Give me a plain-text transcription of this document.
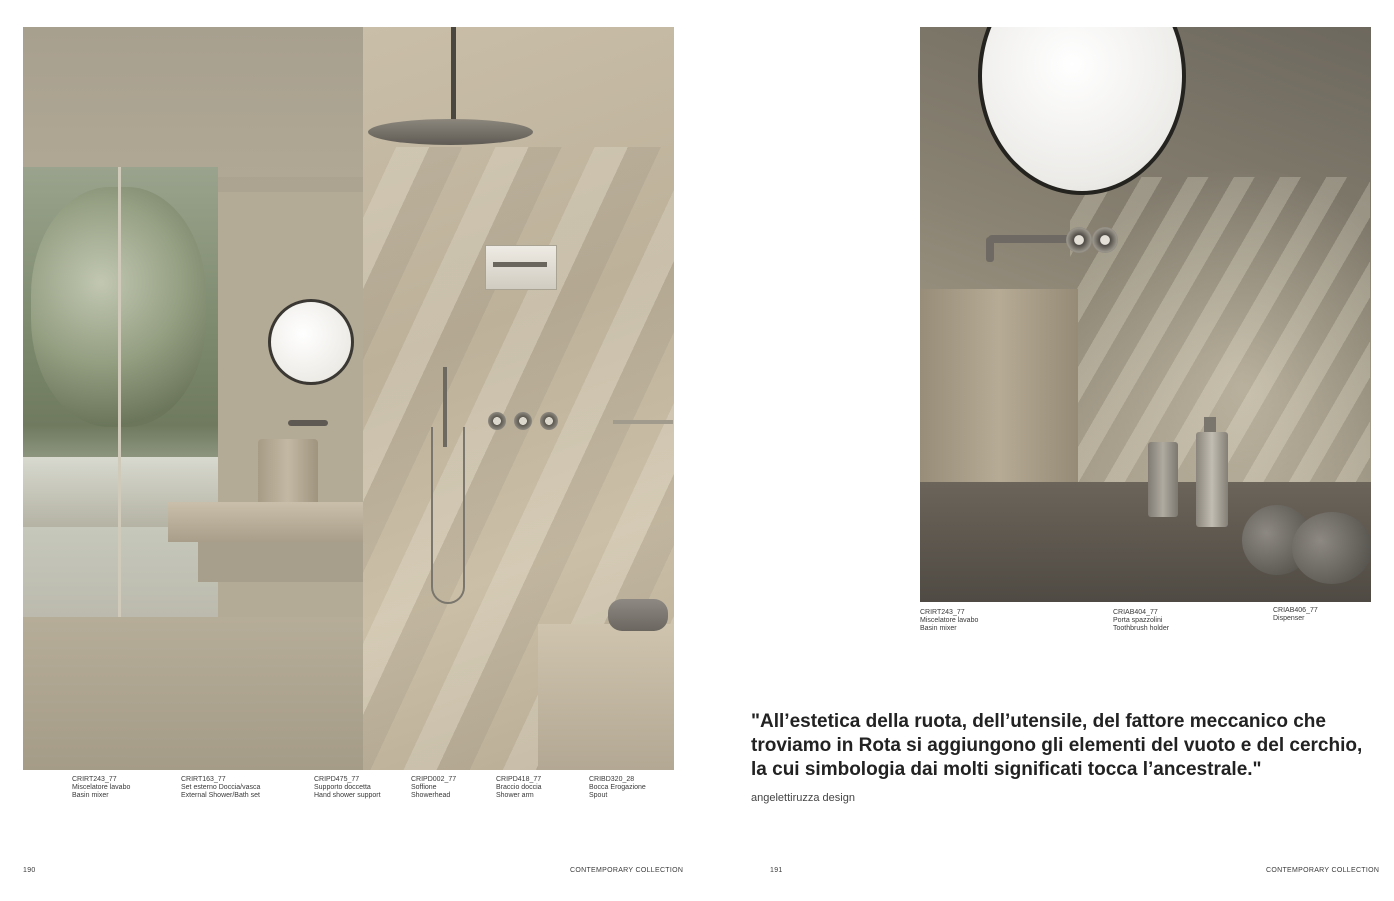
CRIRT243_77
Miscelatore lavabo
Basin mixer
CRIRT163_77
Set esterno Doccia/vasca
External Shower/Bath set
CRIPD475_77
Supporto doccetta
Hand shower support
CRIPD002_77
Soffione
Showerhead
CRIPD418_77
Braccio doccia
Shower arm
CRIBD320_28
Bocca Erogazione
Spout
190	CONTEMPORARY COLLECTION
CRIRT243_77
Miscelatore lavabo
Basin mixer
CRIAB404_77
Porta spazzolini
Toothbrush holder
CRIAB406_77
Dispenser
"All’estetica della ruota, dell’utensile, del fattore meccanico che troviamo in Rota si aggiungono gli elementi del vuoto e del cerchio, la cui simbologia dai molti significati tocca l’ancestrale."
angelettiruzza design
191	CONTEMPORARY COLLECTION
